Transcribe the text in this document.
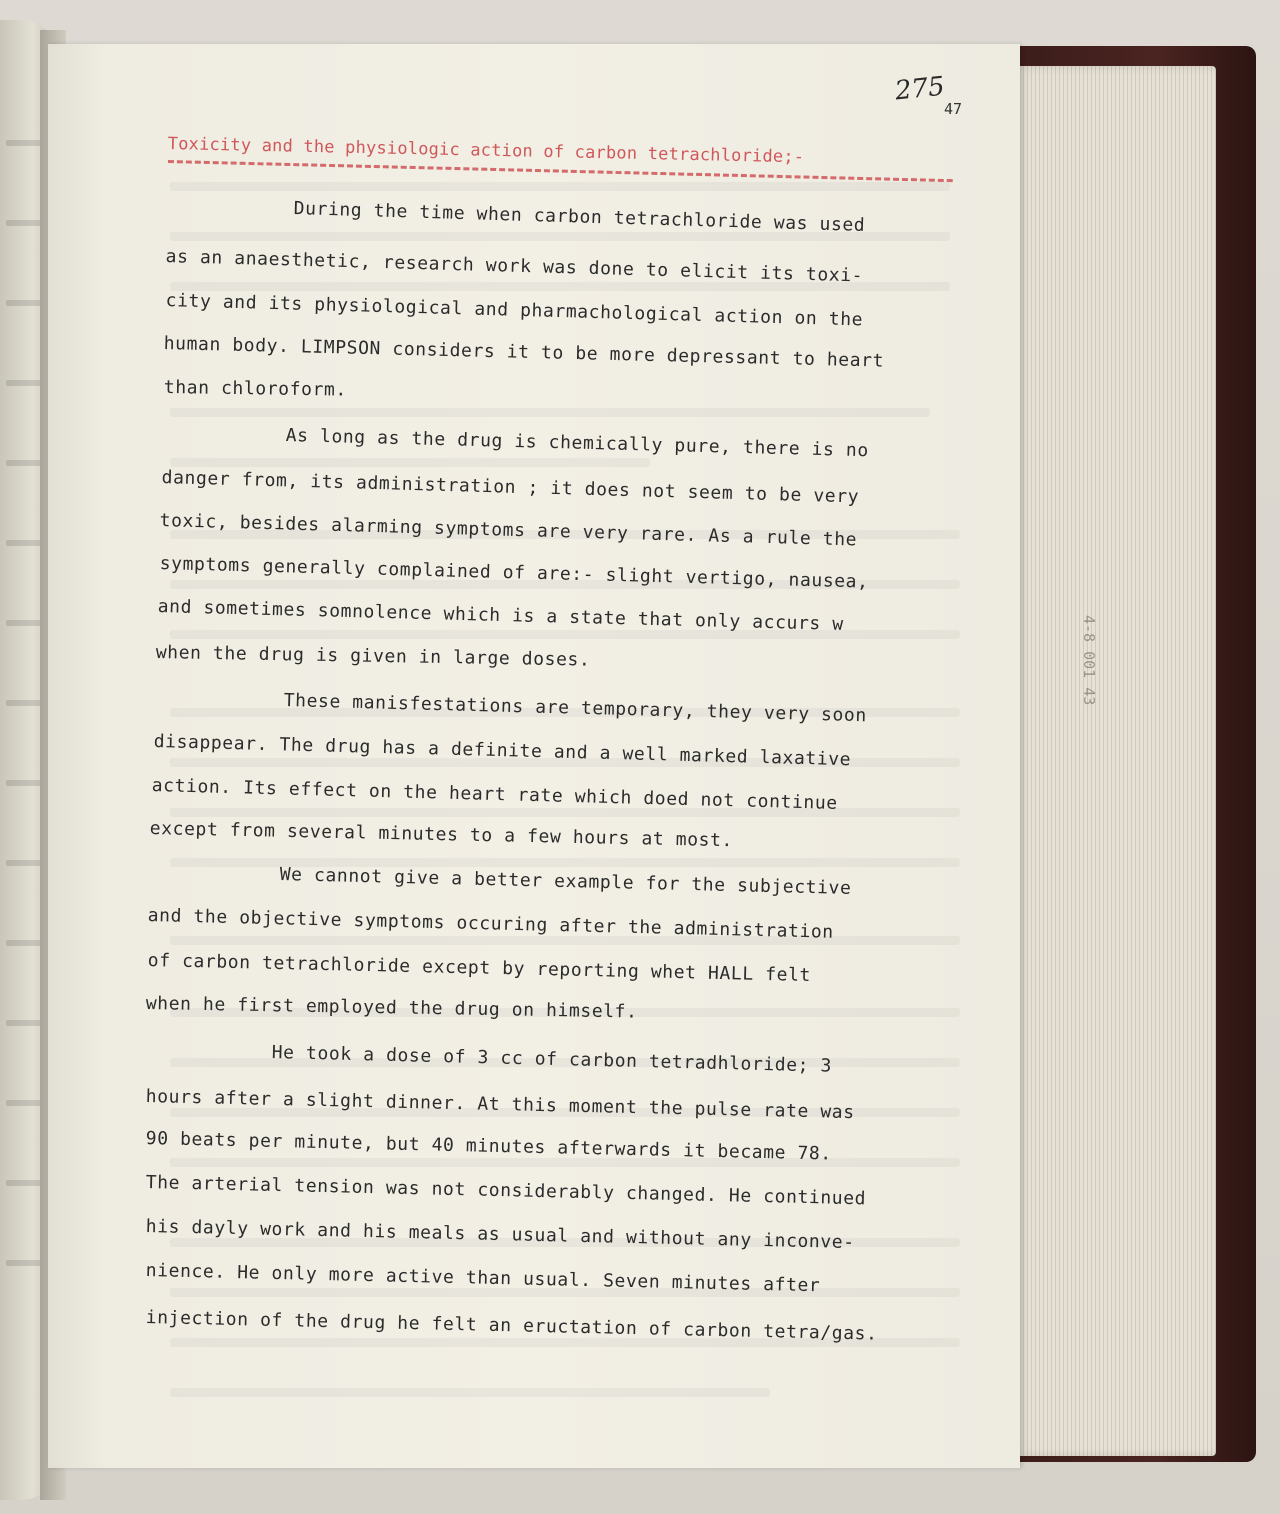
4-8 001 43
275
47
Toxicity and the physiologic action of carbon tetrachloride;-
During the time when carbon tetrachloride was used
as an anaesthetic, research work was done to elicit its toxi-
city and its physiological and pharmachological action on the
human body. LIMPSON considers it to be more depressant to heart
than chloroform.
As long as the drug is chemically pure, there is no
danger from, its administration ; it does not seem to be very
toxic, besides alarming symptoms are very rare. As a rule the
symptoms generally complained of are:- slight vertigo, nausea,
and sometimes somnolence which is a state that only accurs w
when the drug is given in large doses.
These manisfestations are temporary, they very soon
disappear. The drug has a definite and a well marked laxative
action. Its effect on the heart rate which doed not continue
except from several minutes to a few hours at most.
We cannot give a better example for the subjective
and the objective symptoms occuring after the administration
of carbon tetrachloride except by reporting whet HALL felt
when he first employed the drug on himself.
He took a dose of 3 cc of carbon tetradhloride; 3
hours after a slight dinner. At this moment the pulse rate was
90 beats per minute, but 40 minutes afterwards it became 78.
The arterial tension was not considerably changed. He continued
his dayly work and his meals as usual and without any inconve-
nience. He only more active than usual. Seven minutes after
injection of the drug he felt an eructation of carbon tetra/gas.
